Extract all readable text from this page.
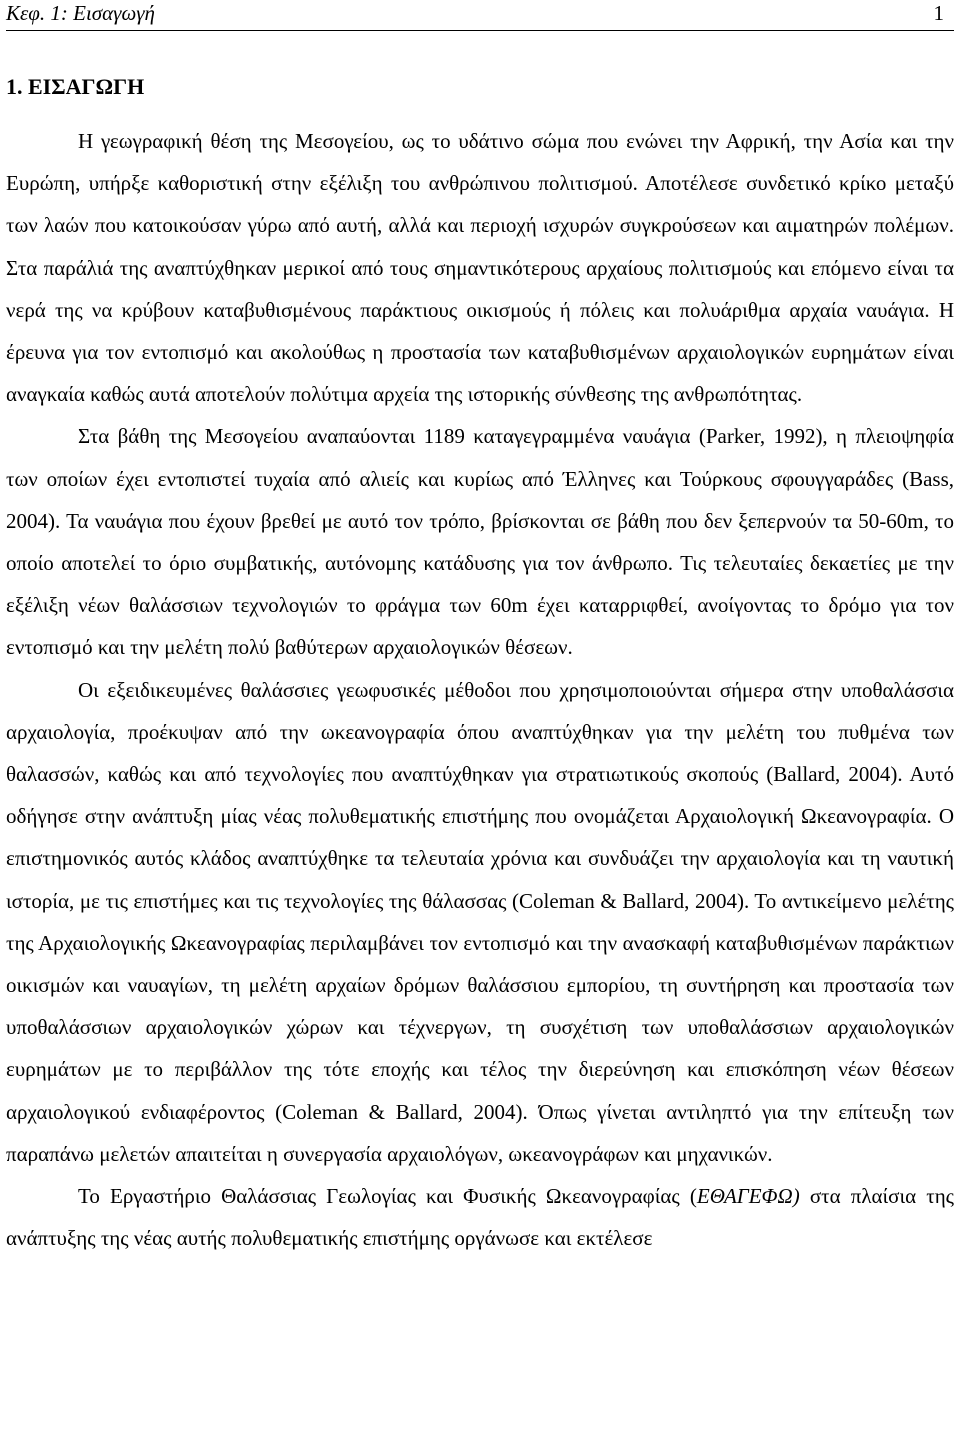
Κεφ. 1: Εισαγωγή	1
1. ΕΙΣΑΓΩΓΗ

Η γεωγραφική θέση της Μεσογείου, ως το υδάτινο σώμα που ενώνει την Αφρική, την Ασία και την Ευρώπη, υπήρξε καθοριστική στην εξέλιξη του ανθρώπινου πολιτισμού. Αποτέλεσε συνδετικό κρίκο μεταξύ των λαών που κατοικούσαν γύρω από αυτή, αλλά και περιοχή ισχυρών συγκρούσεων και αιματηρών πολέμων. Στα παράλιά της αναπτύχθηκαν μερικοί από τους σημαντικότερους αρχαίους πολιτισμούς και επόμενο είναι τα νερά της να κρύβουν καταβυθισμένους παράκτιους οικισμούς ή πόλεις και πολυάριθμα αρχαία ναυάγια. Η έρευνα για τον εντοπισμό και ακολούθως η προστασία των καταβυθισμένων αρχαιολογικών ευρημάτων είναι αναγκαία καθώς αυτά αποτελούν πολύτιμα αρχεία της ιστορικής σύνθεσης της ανθρωπότητας.

Στα βάθη της Μεσογείου αναπαύονται 1189 καταγεγραμμένα ναυάγια (Parker, 1992), η πλειοψηφία των οποίων έχει εντοπιστεί τυχαία από αλιείς και κυρίως από Έλληνες και Τούρκους σφουγγαράδες (Bass, 2004). Τα ναυάγια που έχουν βρεθεί με αυτό τον τρόπο, βρίσκονται σε βάθη που δεν ξεπερνούν τα 50-60m, το οποίο αποτελεί το όριο συμβατικής, αυτόνομης κατάδυσης για τον άνθρωπο. Τις τελευταίες δεκαετίες με την εξέλιξη νέων θαλάσσιων τεχνολογιών το φράγμα των 60m έχει καταρριφθεί, ανοίγοντας το δρόμο για τον εντοπισμό και την μελέτη πολύ βαθύτερων αρχαιολογικών θέσεων.

Οι εξειδικευμένες θαλάσσιες γεωφυσικές μέθοδοι που χρησιμοποιούνται σήμερα στην υποθαλάσσια αρχαιολογία, προέκυψαν από την ωκεανογραφία όπου αναπτύχθηκαν για την μελέτη του πυθμένα των θαλασσών, καθώς και από τεχνολογίες που αναπτύχθηκαν για στρατιωτικούς σκοπούς (Ballard, 2004). Αυτό οδήγησε στην ανάπτυξη μίας νέας πολυθεματικής επιστήμης που ονομάζεται Αρχαιολογική Ωκεανογραφία. Ο επιστημονικός αυτός κλάδος αναπτύχθηκε τα τελευταία χρόνια και συνδυάζει την αρχαιολογία και τη ναυτική ιστορία, με τις επιστήμες και τις τεχνολογίες της θάλασσας (Coleman & Ballard, 2004). Το αντικείμενο μελέτης της Αρχαιολογικής Ωκεανογραφίας περιλαμβάνει τον εντοπισμό και την ανασκαφή καταβυθισμένων παράκτιων οικισμών και ναυαγίων, τη μελέτη αρχαίων δρόμων θαλάσσιου εμπορίου, τη συντήρηση και προστασία των υποθαλάσσιων αρχαιολογικών χώρων και τέχνεργων, τη συσχέτιση των υποθαλάσσιων αρχαιολογικών ευρημάτων με το περιβάλλον της τότε εποχής και τέλος την διερεύνηση και επισκόπηση νέων θέσεων αρχαιολογικού ενδιαφέροντος (Coleman & Ballard, 2004). Όπως γίνεται αντιληπτό για την επίτευξη των παραπάνω μελετών απαιτείται η συνεργασία αρχαιολόγων, ωκεανογράφων και μηχανικών.

Το Εργαστήριο Θαλάσσιας Γεωλογίας και Φυσικής Ωκεανογραφίας (ΕΘΑΓΕΦΩ) στα πλαίσια της ανάπτυξης της νέας αυτής πολυθεματικής επιστήμης οργάνωσε και εκτέλεσε
